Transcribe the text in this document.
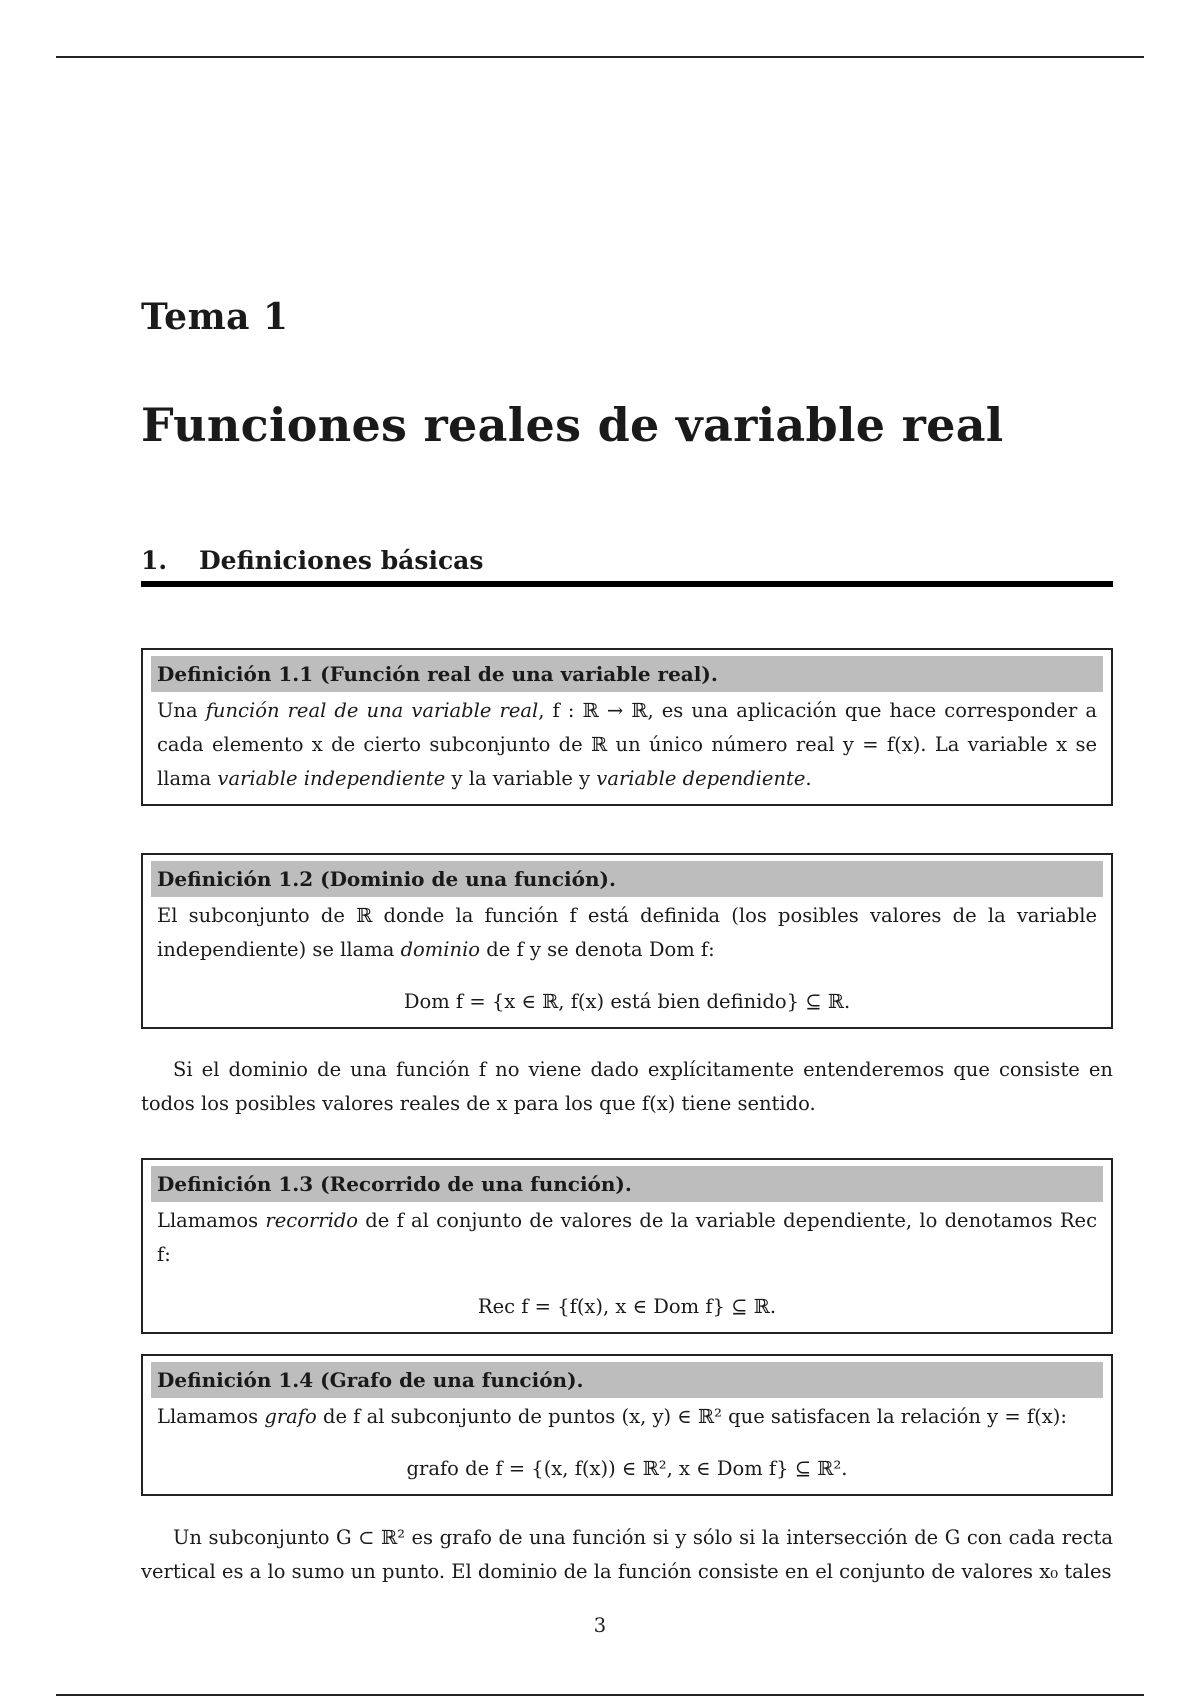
Tema 1
Funciones reales de variable real
1. Definiciones básicas
Definición 1.1 (Función real de una variable real).
Una función real de una variable real, f : ℝ → ℝ, es una aplicación que hace corresponder a cada elemento x de cierto subconjunto de ℝ un único número real y = f(x). La variable x se llama variable independiente y la variable y variable dependiente.
Definición 1.2 (Dominio de una función).
El subconjunto de ℝ donde la función f está definida (los posibles valores de la variable independiente) se llama dominio de f y se denota Dom f:
Dom f = {x ∈ ℝ, f(x) está bien definido} ⊆ ℝ.
Si el dominio de una función f no viene dado explícitamente entenderemos que consiste en todos los posibles valores reales de x para los que f(x) tiene sentido.
Definición 1.3 (Recorrido de una función).
Llamamos recorrido de f al conjunto de valores de la variable dependiente, lo denotamos Rec f:
Rec f = {f(x), x ∈ Dom f} ⊆ ℝ.
Definición 1.4 (Grafo de una función).
Llamamos grafo de f al subconjunto de puntos (x, y) ∈ ℝ² que satisfacen la relación y = f(x):
grafo de f = {(x, f(x)) ∈ ℝ², x ∈ Dom f} ⊆ ℝ².
Un subconjunto G ⊂ ℝ² es grafo de una función si y sólo si la intersección de G con cada recta vertical es a lo sumo un punto. El dominio de la función consiste en el conjunto de valores x₀ tales
3
